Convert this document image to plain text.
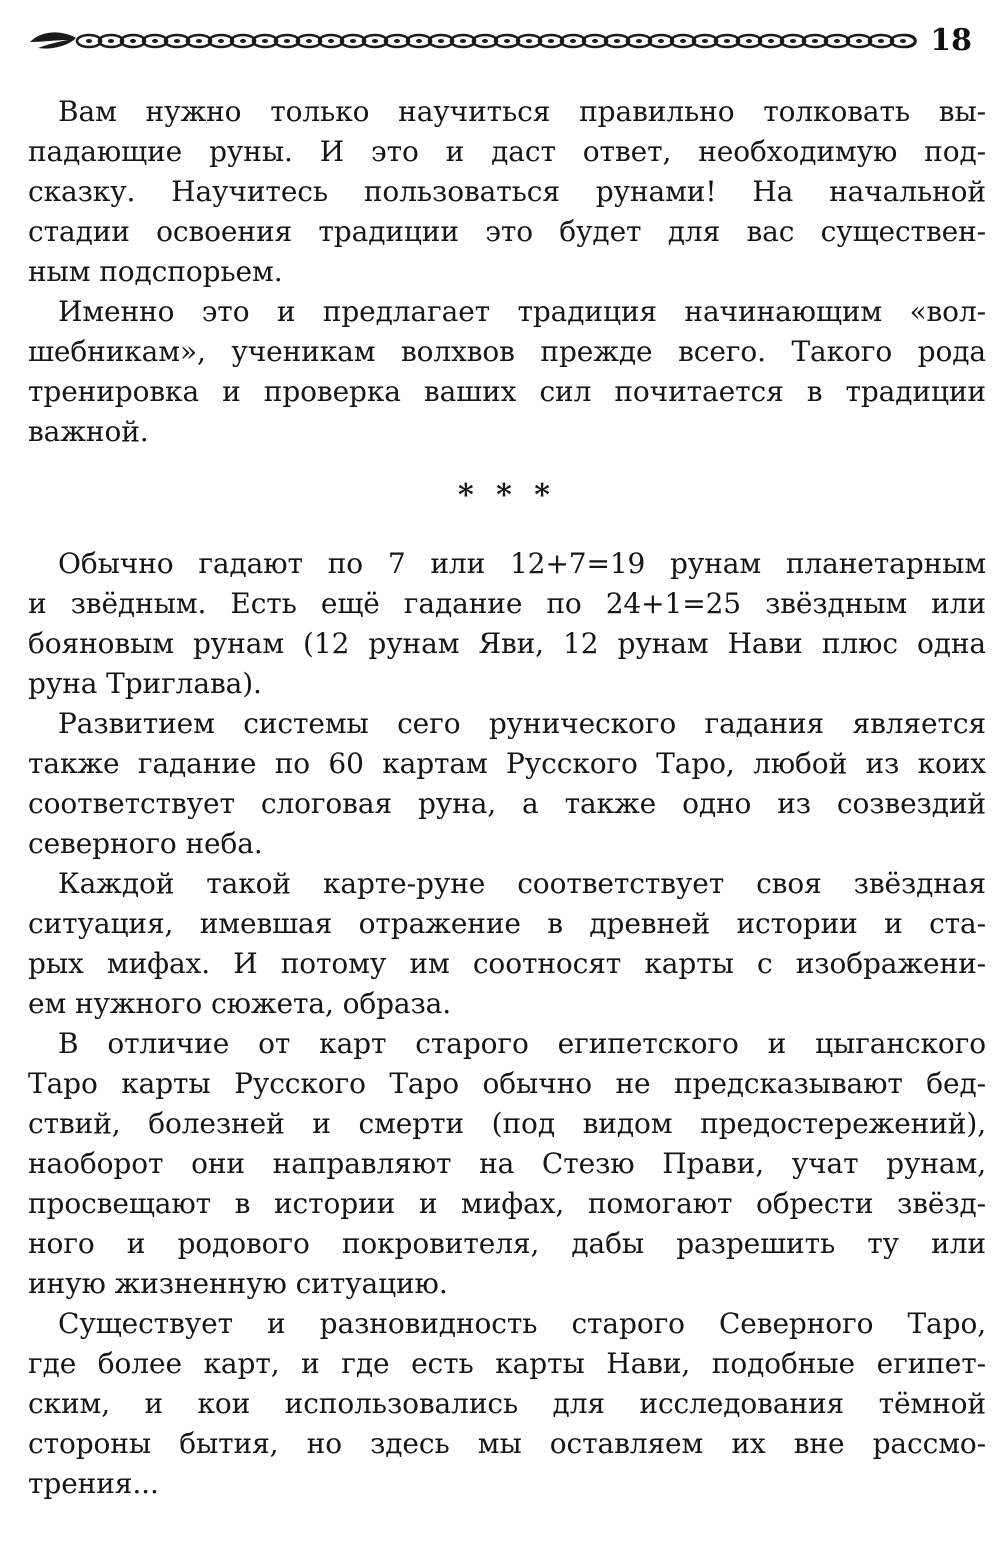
18

Вам нужно только научиться правильно толковать вы-
падающие руны. И это и даст ответ, необходимую под-
сказку. Научитесь пользоваться рунами! На начальной
стадии освоения традиции это будет для вас существен-
ным подспорьем.

Именно это и предлагает традиция начинающим «вол-
шебникам», ученикам волхвов прежде всего. Такого рода
тренировка и проверка ваших сил почитается в традиции
важной.

* * *

Обычно гадают по 7 или 12+7=19 рунам планетарным
и звёдным. Есть ещё гадание по 24+1=25 звёздным или
бояновым рунам (12 рунам Яви, 12 рунам Нави плюс одна
руна Триглава).

Развитием системы сего рунического гадания является
также гадание по 60 картам Русского Таро, любой из коих
соответствует слоговая руна, а также одно из созвездий
северного неба.

Каждой такой карте-руне соответствует своя звёздная
ситуация, имевшая отражение в древней истории и ста-
рых мифах. И потому им соотносят карты с изображени-
ем нужного сюжета, образа.

В отличие от карт старого египетского и цыганского
Таро карты Русского Таро обычно не предсказывают бед-
ствий, болезней и смерти (под видом предостережений),
наоборот они направляют на Стезю Прави, учат рунам,
просвещают в истории и мифах, помогают обрести звёзд-
ного и родового покровителя, дабы разрешить ту или
иную жизненную ситуацию.

Существует и разновидность старого Северного Таро,
где более карт, и где есть карты Нави, подобные египет-
ским, и кои использовались для исследования тёмной
стороны бытия, но здесь мы оставляем их вне рассмо-
трения...
